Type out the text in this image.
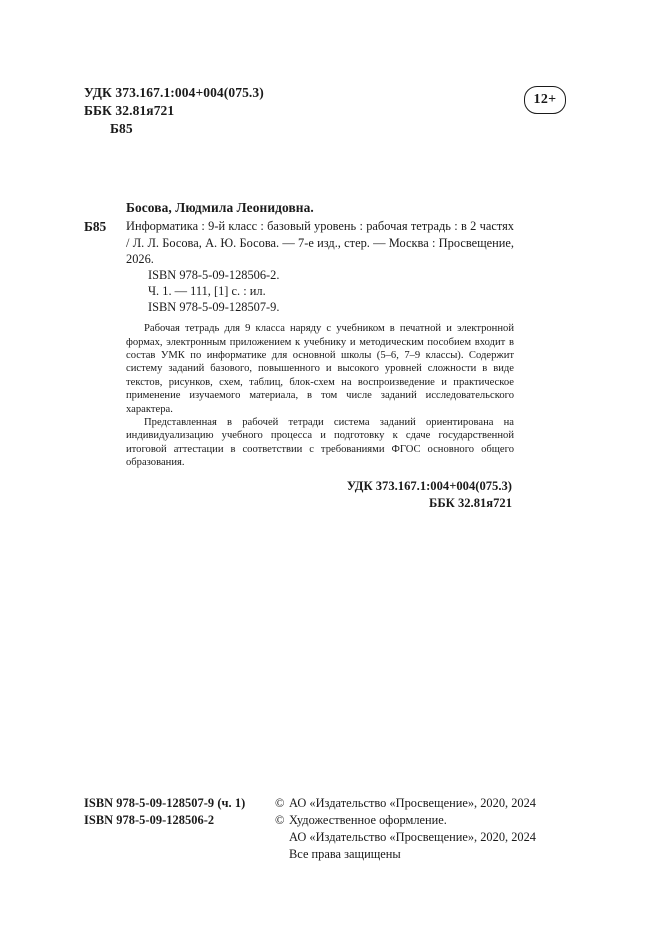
УДК 373.167.1:004+004(075.3)
ББК 32.81я721
Б85
12+
Босова, Людмила Леонидовна.
Б85	Информатика : 9-й класс : базовый уровень : рабочая тетрадь : в 2 частях / Л. Л. Босова, А. Ю. Босова. — 7-е изд., стер. — Москва : Просвещение, 2026.
ISBN 978-5-09-128506-2.
Ч. 1. — 111, [1] с. : ил.
ISBN 978-5-09-128507-9.

Рабочая тетрадь для 9 класса наряду с учебником в печатной и электронной формах, электронным приложением к учебнику и методическим пособием входит в состав УМК по информатике для основной школы (5–6, 7–9 классы). Содержит систему заданий базового, повышенного и высокого уровней сложности в виде текстов, рисунков, схем, таблиц, блок-схем на воспроизведение и практическое применение изучаемого материала, в том числе заданий исследовательского характера.

Представленная в рабочей тетради система заданий ориентирована на индивидуализацию учебного процесса и подготовку к сдаче государственной итоговой аттестации в соответствии с требованиями ФГОС основного общего образования.

УДК 373.167.1:004+004(075.3)
ББК 32.81я721
ISBN 978-5-09-128507-9 (ч. 1)
ISBN 978-5-09-128506-2
© АО «Издательство «Просвещение», 2020, 2024
© Художественное оформление.
АО «Издательство «Просвещение», 2020, 2024
Все права защищены
